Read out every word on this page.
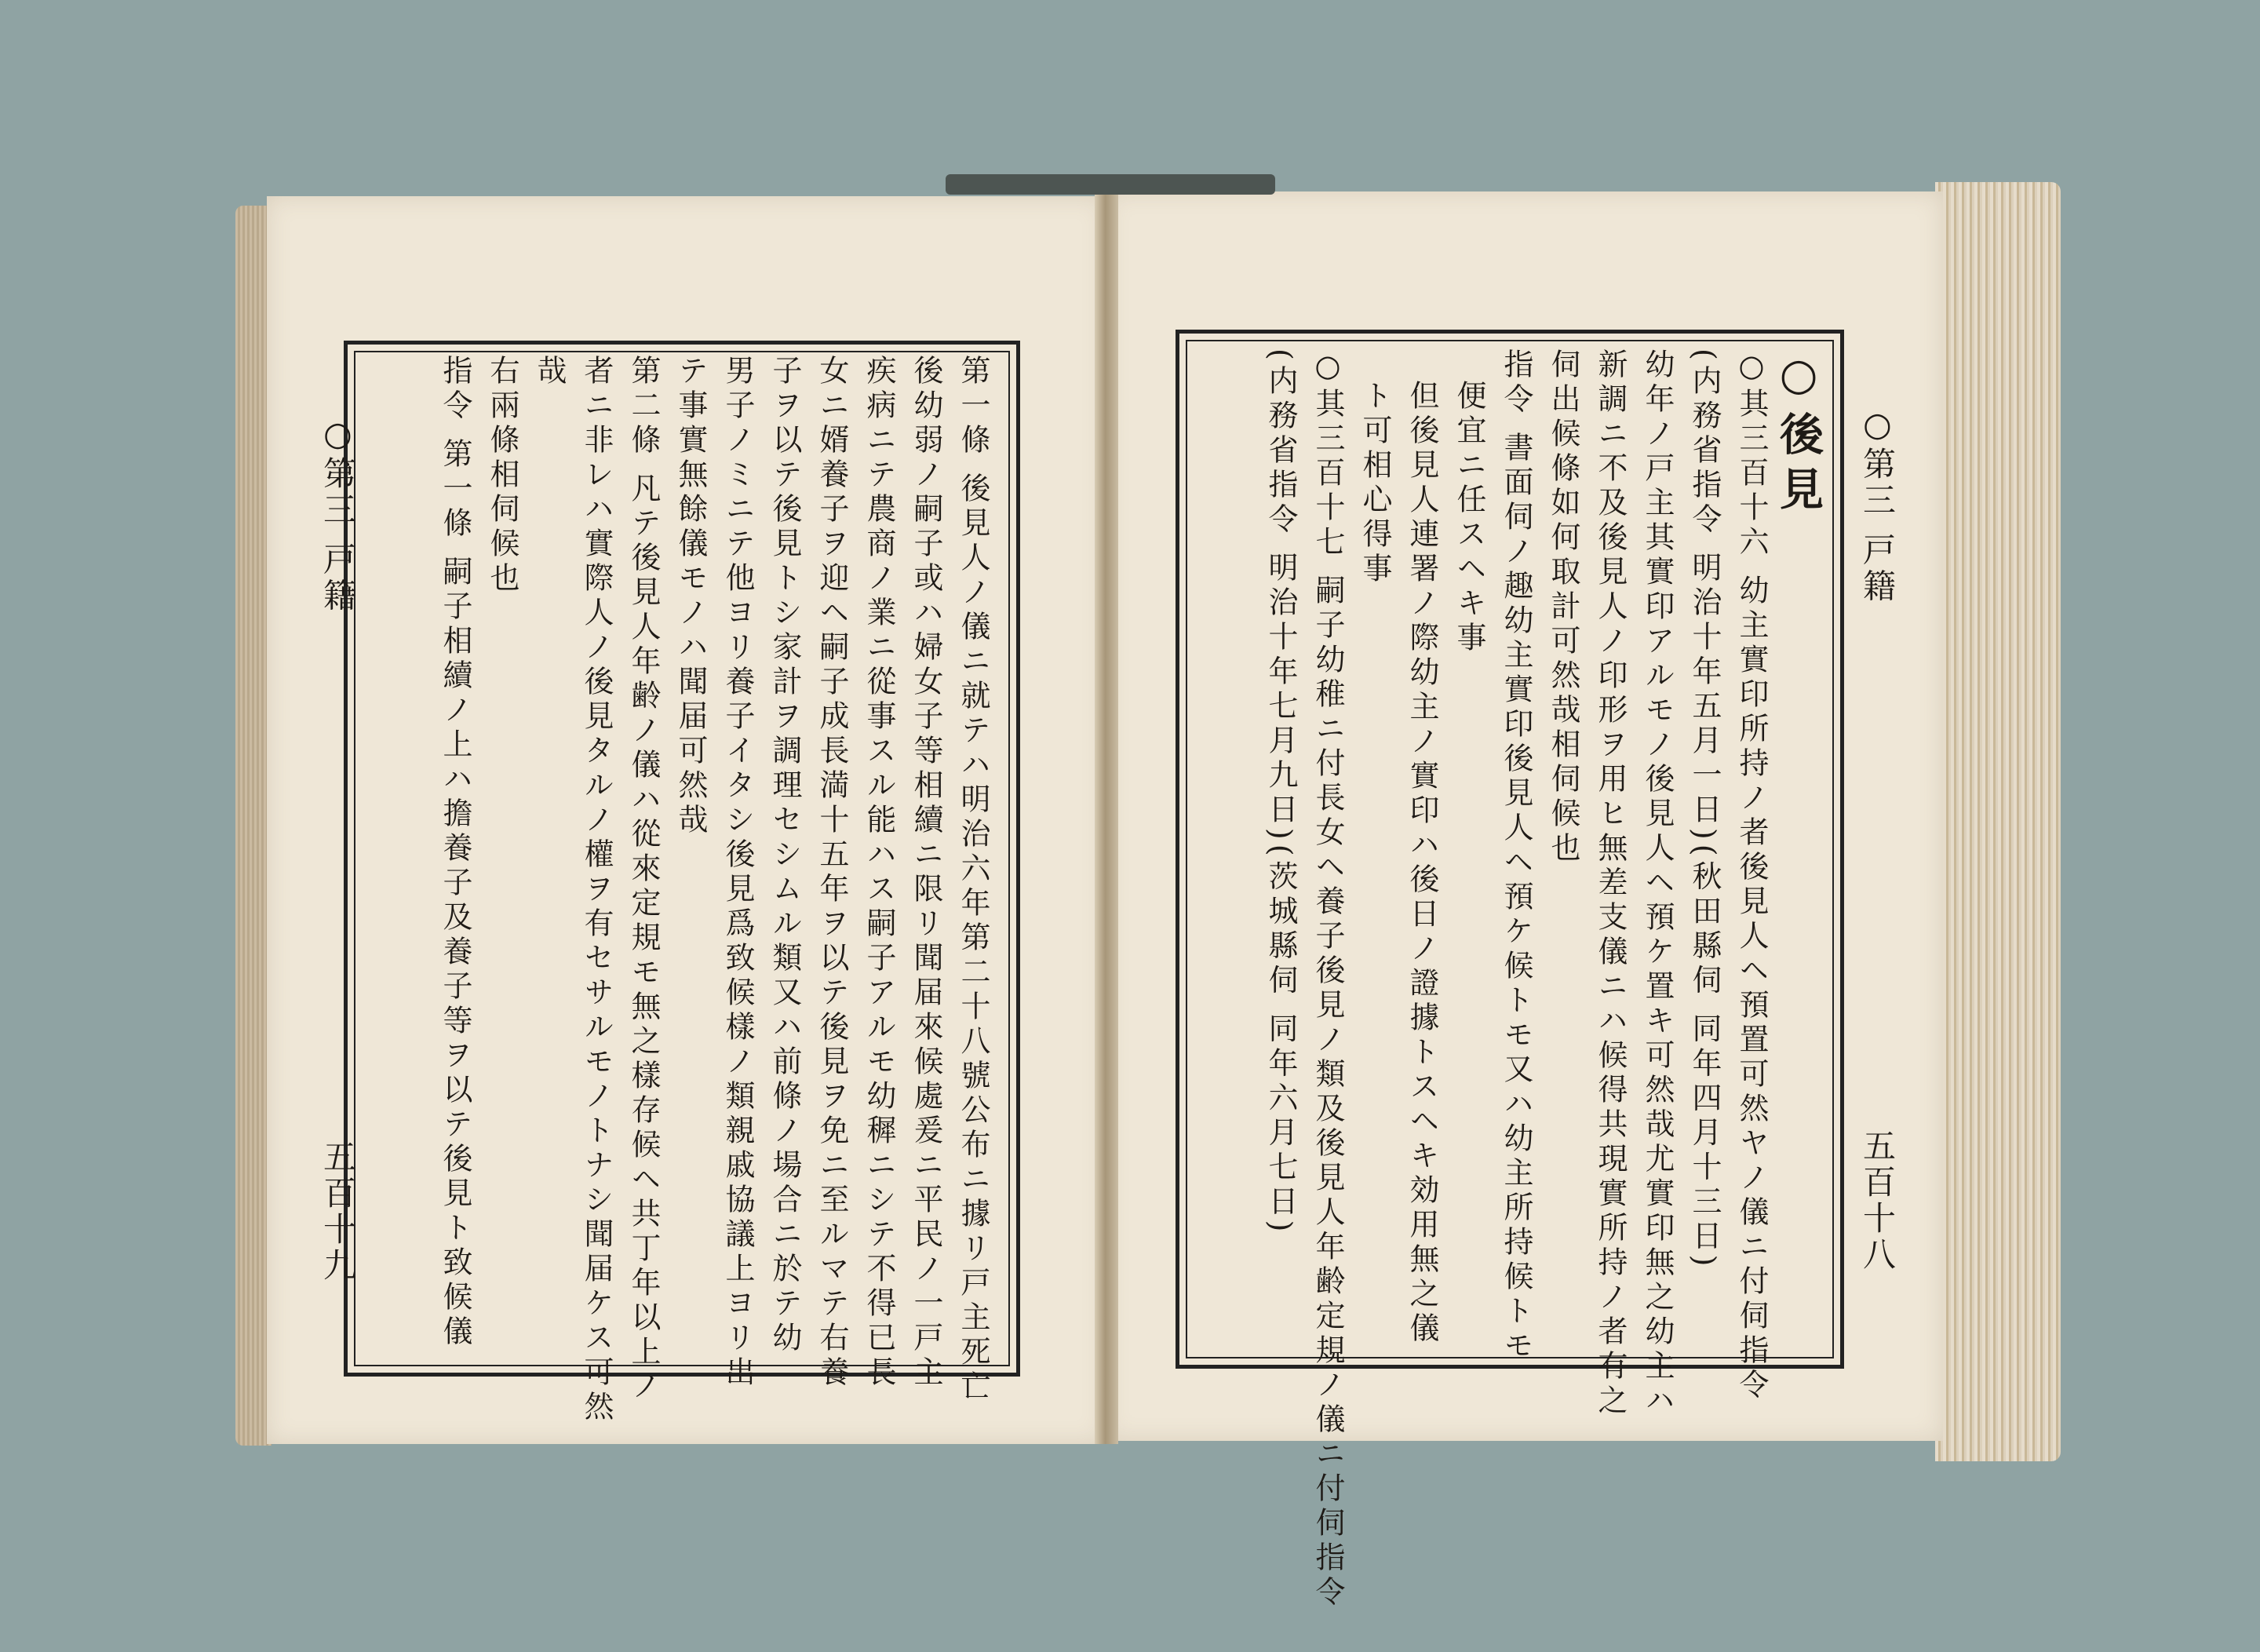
○第三 戸籍
五百十九	第一條 後見人ノ儀ニ就テハ明治六年第二十八號公布ニ據リ戸主死亡
後幼弱ノ嗣子或ハ婦女子等相續ニ限リ聞届來候處爰ニ平民ノ一戸主
疾病ニテ農商ノ業ニ從事スル能ハス嗣子アルモ幼穉ニシテ不得已長
女ニ婿養子ヲ迎ヘ嗣子成長満十五年ヲ以テ後見ヲ免ニ至ルマテ右養
子ヲ以テ後見トシ家計ヲ調理セシムル類又ハ前條ノ場合ニ於テ幼
男子ノミニテ他ヨリ養子イタシ後見爲致候樣ノ類親戚協議上ヨリ出
テ事實無餘儀モノハ聞届可然哉
第二條 凡テ後見人年齢ノ儀ハ從來定規モ無之樣存候ヘ共丁年以上ノ
者ニ非レハ實際人ノ後見タルノ權ヲ有セサルモノトナシ聞届ケス可然
哉
右兩條相伺候也
指令 第一條 嗣子相續ノ上ハ擔養子及養子等ヲ以テ後見ト致候儀	○第三 戸籍
五百十八
○後見
○其三百十六 幼主實印所持ノ者後見人ヘ預置可然ヤノ儀ニ付伺指令
(内務省指令 明治十年五月一日)(秋田縣伺 同年四月十三日)
幼年ノ戸主其實印アルモノ後見人ヘ預ケ置キ可然哉尤實印無之幼主ハ
新調ニ不及後見人ノ印形ヲ用ヒ無差支儀ニハ候得共現實所持ノ者有之
伺出候條如何取計可然哉相伺候也
指令 書面伺ノ趣幼主實印後見人ヘ預ケ候トモ又ハ幼主所持候トモ
便宜ニ任スヘキ事
但後見人連署ノ際幼主ノ實印ハ後日ノ證據トスヘキ効用無之儀
ト可相心得事
○其三百十七 嗣子幼稚ニ付長女ヘ養子後見ノ類及後見人年齢定規ノ儀ニ付伺指令
(内務省指令 明治十年七月九日)(茨城縣伺 同年六月七日)
